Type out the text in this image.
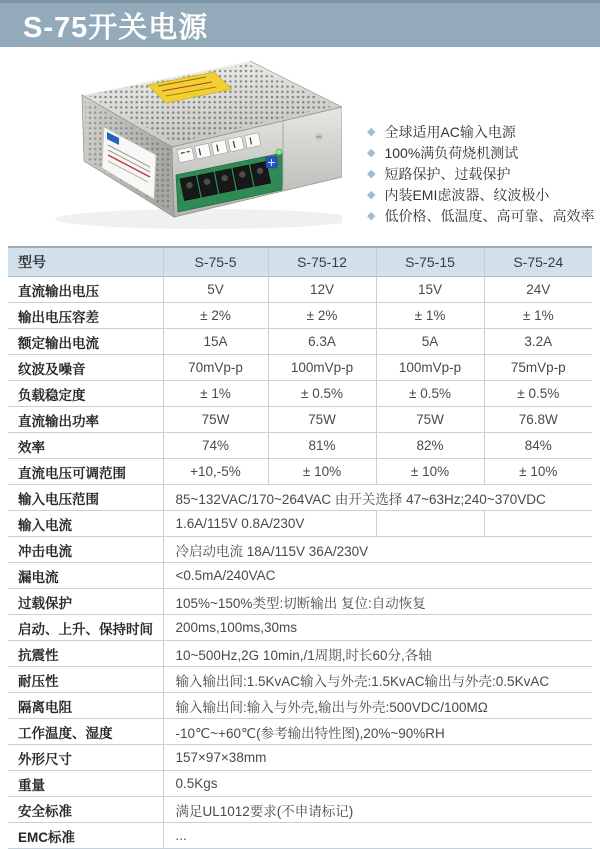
S-75开关电源
◆ 全球适用AC输入电源
◆ 100%满负荷烧机测试
◆ 短路保护、过载保护
◆ 内装EMI虑波器、纹波极小
◆ 低价格、低温度、高可靠、高效率
型号	S-75-5	S-75-12	S-75-15	S-75-24
直流输出电压	5V	12V	15V	24V
输出电压容差	± 2%	± 2%	± 1%	± 1%
额定输出电流	15A	6.3A	5A	3.2A
纹波及噪音	70mVp-p	100mVp-p	100mVp-p	75mVp-p
负载稳定度	± 1%	± 0.5%	± 0.5%	± 0.5%
直流输出功率	75W	75W	75W	76.8W
效率	74%	81%	82%	84%
直流电压可调范围	+10,-5%	± 10%	± 10%	± 10%
输入电压范围	85~132VAC/170~264VAC 由开关选择 47~63Hz;240~370VDC			
输入电流	1.6A/115V 0.8A/230V			
冲击电流	冷启动电流 18A/115V 36A/230V			
漏电流	<0.5mA/240VAC			
过载保护	105%~150%类型:切断输出 复位:自动恢复			
启动、上升、保持时间	200ms,100ms,30ms			
抗震性	10~500Hz,2G 10min,/1周期,时长60分,各轴			
耐压性	输入输出间:1.5KvAC输入与外壳:1.5KvAC输出与外壳:0.5KvAC			
隔离电阻	输入输出间:输入与外壳,输出与外壳:500VDC/100MΩ			
工作温度、湿度	-10℃~+60℃(参考输出特性图),20%~90%RH			
外形尺寸	157×97×38mm			
重量	0.5Kgs			
安全标准	满足UL1012要求(不申请标记)			
EMC标准	...			
